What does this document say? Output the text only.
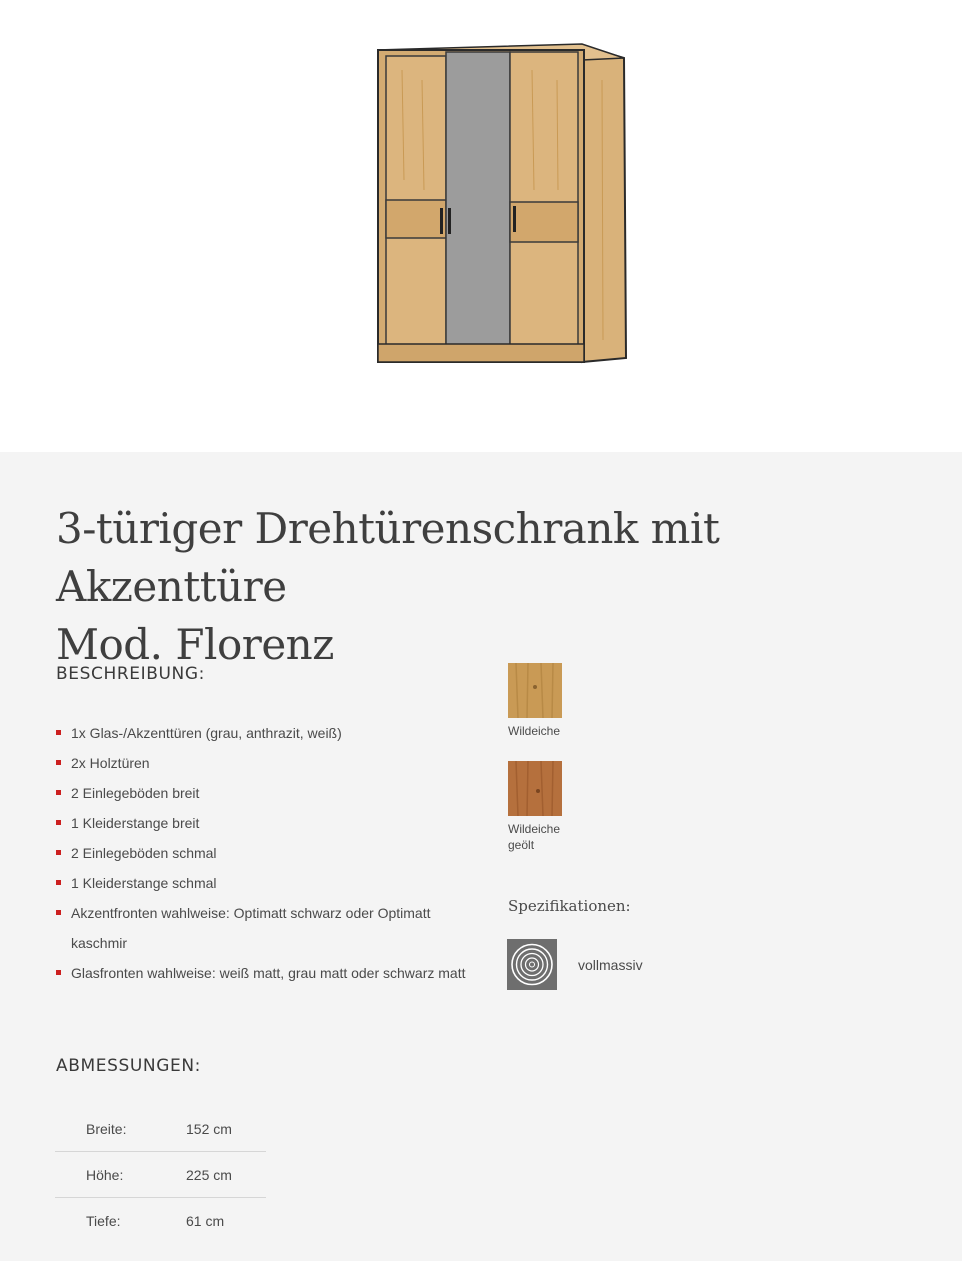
3-türiger Drehtürenschrank mit Akzenttüre
Mod. Florenz
BESCHREIBUNG:
1x Glas-/Akzenttüren (grau, anthrazit, weiß)
2x Holztüren
2 Einlegeböden breit
1 Kleiderstange breit
2 Einlegeböden schmal
1 Kleiderstange schmal
Akzentfronten wahlweise: Optimatt schwarz oder Optimatt kaschmir
Glasfronten wahlweise: weiß matt, grau matt oder schwarz matt
ABMESSUNGEN:
Breite:	152 cm
Höhe:	225 cm
Tiefe:	61 cm
Wildeiche
Wildeiche
geölt
Spezifikationen:
vollmassiv
